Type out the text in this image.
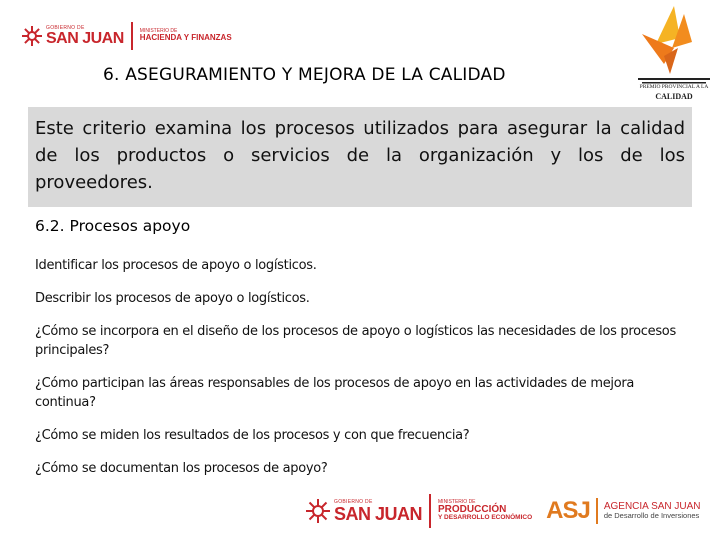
GOBIERNO DE
SAN JUAN	MINISTERIO DE
HACIENDA Y FINANZAS
PREMIO PROVINCIAL A LA
CALIDAD
6. ASEGURAMIENTO Y MEJORA DE LA CALIDAD
Este criterio examina los procesos utilizados para asegurar la calidad de los productos o servicios de la organización y los de los proveedores.
6.2. Procesos apoyo
Identificar los procesos de apoyo o logísticos.
Describir los procesos de apoyo o logísticos.
¿Cómo se incorpora en el diseño de los procesos de apoyo o logísticos las necesidades de los procesos principales?
¿Cómo participan las áreas responsables de los procesos de apoyo en las actividades de mejora continua?
¿Cómo se miden los resultados de los procesos y con que frecuencia?
¿Cómo se documentan los procesos de apoyo?
GOBIERNO DE
SAN JUAN
MINISTERIO DE
PRODUCCIÓN
Y DESARROLLO ECONÓMICO ASJ AGENCIA SAN JUAN
de Desarrollo de Inversiones
